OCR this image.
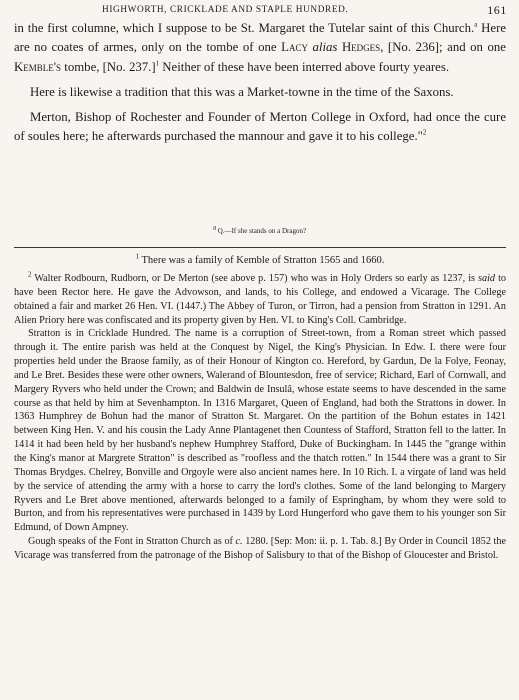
HIGHWORTH, CRICKLADE AND STAPLE HUNDRED.	161

in the first columne, which I suppose to be St. Margaret the Tutelar saint of this Church.$^a$ Here are no coates of armes, only on the tombe of one Lacy alias Hedges, [No. 236]; and on one Kemble's tombe, [No. 237.]$^1$ Neither of these have been interred above fourty yeares.

Here is likewise a tradition that this was a Market-towne in the time of the Saxons.

Merton, Bishop of Rochester and Founder of Merton College in Oxford, had once the cure of soules here; he afterwards purchased the mannour and gave it to his college."$^2$

a Q.—If she stands on a Dragon?
$^1$ There was a family of Kemble of Stratton 1565 and 1660.

$^2$ Walter Rodbourn, Rudborn, or De Merton (see above p. 157) who was in Holy Orders so early as 1237, is said to have been Rector here. He gave the Advowson, and lands, to his College, and endowed a Vicarage. The College obtained a fair and market 26 Hen. VI. (1447.) The Abbey of Turon, or Tirron, had a pension from Stratton in 1291. An Alien Priory here was confiscated and its property given by Hen. VI. to King's Coll. Cambridge.

Stratton is in Cricklade Hundred. The name is a corruption of Street-town, from a Roman street which passed through it. The entire parish was held at the Conquest by Nigel, the King's Physician. In Edw. I. there were four properties held under the Braose family, as of their Honour of Kington co. Hereford, by Gardun, De la Folye, Feonay, and Le Bret. Besides these were other owners, Walerand of Blountesdon, free of service; Richard, Earl of Cornwall, and Margery Ryvers who held under the Crown; and Baldwin de Insulâ, whose estate seems to have descended in the same course as that held by him at Sevenhampton. In 1316 Margaret, Queen of England, had both the Strattons in dower. In 1363 Humphrey de Bohun had the manor of Stratton St. Margaret. On the partition of the Bohun estates in 1421 between King Hen. V. and his cousin the Lady Anne Plantagenet then Countess of Stafford, Stratton fell to the latter. In 1414 it had been held by her husband's nephew Humphrey Stafford, Duke of Buckingham. In 1445 the "grange within the King's manor at Margrete Stratton" is described as "roofless and the thatch rotten." In 1544 there was a grant to Sir Thomas Brydges. Chelrey, Bonville and Orgoyle were also ancient names here. In 10 Rich. I. a virgate of land was held by the service of attending the army with a horse to carry the lord's clothes. Some of the land belonging to Margery Ryvers and Le Bret above mentioned, afterwards belonged to a family of Espringham, by whom they were sold to Burton, and from his representatives were purchased in 1439 by Lord Hungerford who gave them to his younger son Sir Edmund, of Down Ampney.

Gough speaks of the Font in Stratton Church as of c. 1280. [Sep: Mon: ii. p. 1. Tab. 8.] By Order in Council 1852 the Vicarage was transferred from the patronage of the Bishop of Salisbury to that of the Bishop of Gloucester and Bristol.
